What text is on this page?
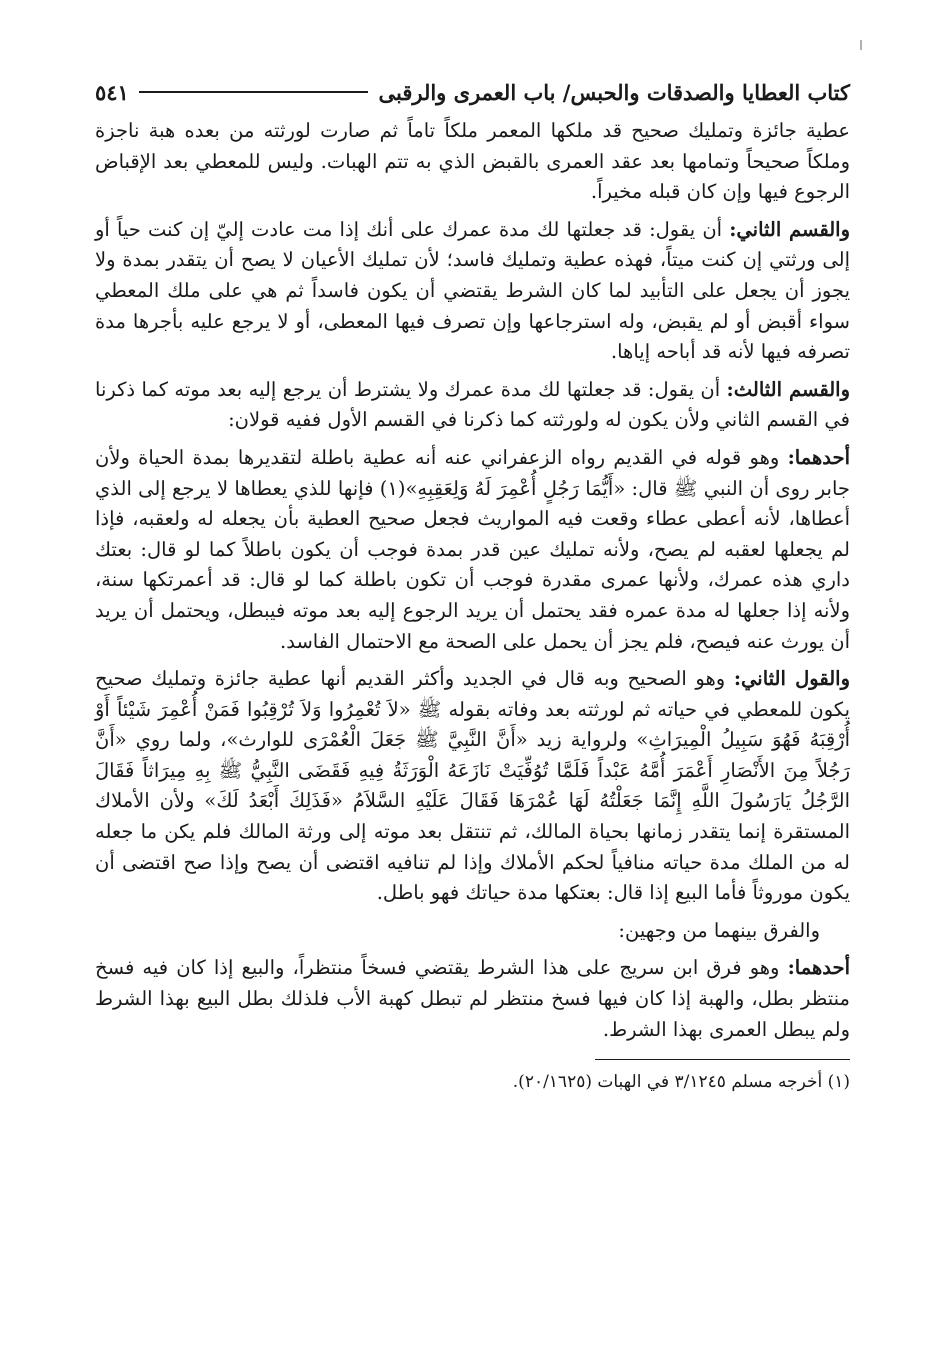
كتاب العطايا والصدقات والحبس/ باب العمرى والرقبى
٥٤١

عطية جائزة وتمليك صحيح قد ملكها المعمر ملكاً تاماً ثم صارت لورثته من بعده هبة ناجزة وملكاً صحيحاً وتمامها بعد عقد العمرى بالقبض الذي به تتم الهبات. وليس للمعطي بعد الإقباض الرجوع فيها وإن كان قبله مخيراً.

والقسم الثاني: أن يقول: قد جعلتها لك مدة عمرك على أنك إذا مت عادت إليّ إن كنت حياً أو إلى ورثتي إن كنت ميتاً، فهذه عطية وتمليك فاسد؛ لأن تمليك الأعيان لا يصح أن يتقدر بمدة ولا يجوز أن يجعل على التأبيد لما كان الشرط يقتضي أن يكون فاسداً ثم هي على ملك المعطي سواء أقبض أو لم يقبض، وله استرجاعها وإن تصرف فيها المعطى، أو لا يرجع عليه بأجرها مدة تصرفه فيها لأنه قد أباحه إياها.

والقسم الثالث: أن يقول: قد جعلتها لك مدة عمرك ولا يشترط أن يرجع إليه بعد موته كما ذكرنا في القسم الثاني ولأن يكون له ولورثته كما ذكرنا في القسم الأول ففيه قولان:

أحدهما: وهو قوله في القديم رواه الزعفراني عنه أنه عطية باطلة لتقديرها بمدة الحياة ولأن جابر روى أن النبي ﷺ قال: «أَيُّمَا رَجُلٍ أُعْمِرَ لَهُ وَلِعَقِبِهِ»(١) فإنها للذي يعطاها لا يرجع إلى الذي أعطاها، لأنه أعطى عطاء وقعت فيه المواريث فجعل صحيح العطية بأن يجعله له ولعقبه، فإذا لم يجعلها لعقبه لم يصح، ولأنه تمليك عين قدر بمدة فوجب أن يكون باطلاً كما لو قال: بعتك داري هذه عمرك، ولأنها عمرى مقدرة فوجب أن تكون باطلة كما لو قال: قد أعمرتكها سنة، ولأنه إذا جعلها له مدة عمره فقد يحتمل أن يريد الرجوع إليه بعد موته فيبطل، ويحتمل أن يريد أن يورث عنه فيصح، فلم يجز أن يحمل على الصحة مع الاحتمال الفاسد.

والقول الثاني: وهو الصحيح وبه قال في الجديد وأكثر القديم أنها عطية جائزة وتمليك صحيح يكون للمعطي في حياته ثم لورثته بعد وفاته بقوله ﷺ «لاَ تُعْمِرُوا وَلاَ تُرْقِبُوا فَمَنْ أُعْمِرَ شَيْئاً أَوْ أُرْقِبَهُ فَهُوَ سَبِيلُ الْمِيرَاثِ» ولرواية زيد «أَنَّ النَّبِيَّ ﷺ جَعَلَ الْعُمْرَى للوارث»، ولما روي «أَنَّ رَجُلاً مِنَ الأَنْصَارِ أَعْمَرَ أُمَّهُ عَبْداً فَلَمَّا تُوُفِّيَتْ نَازَعَهُ الْوَرَثَةُ فِيهِ فَقَضَى النَّبِيُّ ﷺ بِهِ مِيرَاثاً فَقَالَ الرَّجُلُ يَارَسُولَ اللَّهِ إِنَّمَا جَعَلْتُهُ لَهَا عُمْرَهَا فَقَالَ عَلَيْهِ السَّلاَمُ «فَذَلِكَ أَبْعَدُ لَكَ» ولأن الأملاك المستقرة إنما يتقدر زمانها بحياة المالك، ثم تنتقل بعد موته إلى ورثة المالك فلم يكن ما جعله له من الملك مدة حياته منافياً لحكم الأملاك وإذا لم تنافيه اقتضى أن يصح وإذا صح اقتضى أن يكون موروثاً فأما البيع إذا قال: بعتكها مدة حياتك فهو باطل.

والفرق بينهما من وجهين:

أحدهما: وهو فرق ابن سريج على هذا الشرط يقتضي فسخاً منتظراً، والبيع إذا كان فيه فسخ منتظر بطل، والهبة إذا كان فيها فسخ منتظر لم تبطل كهبة الأب فلذلك بطل البيع بهذا الشرط ولم يبطل العمرى بهذا الشرط.

(١) أخرجه مسلم ٣/١٢٤٥ في الهبات (٢٠/١٦٢٥).
